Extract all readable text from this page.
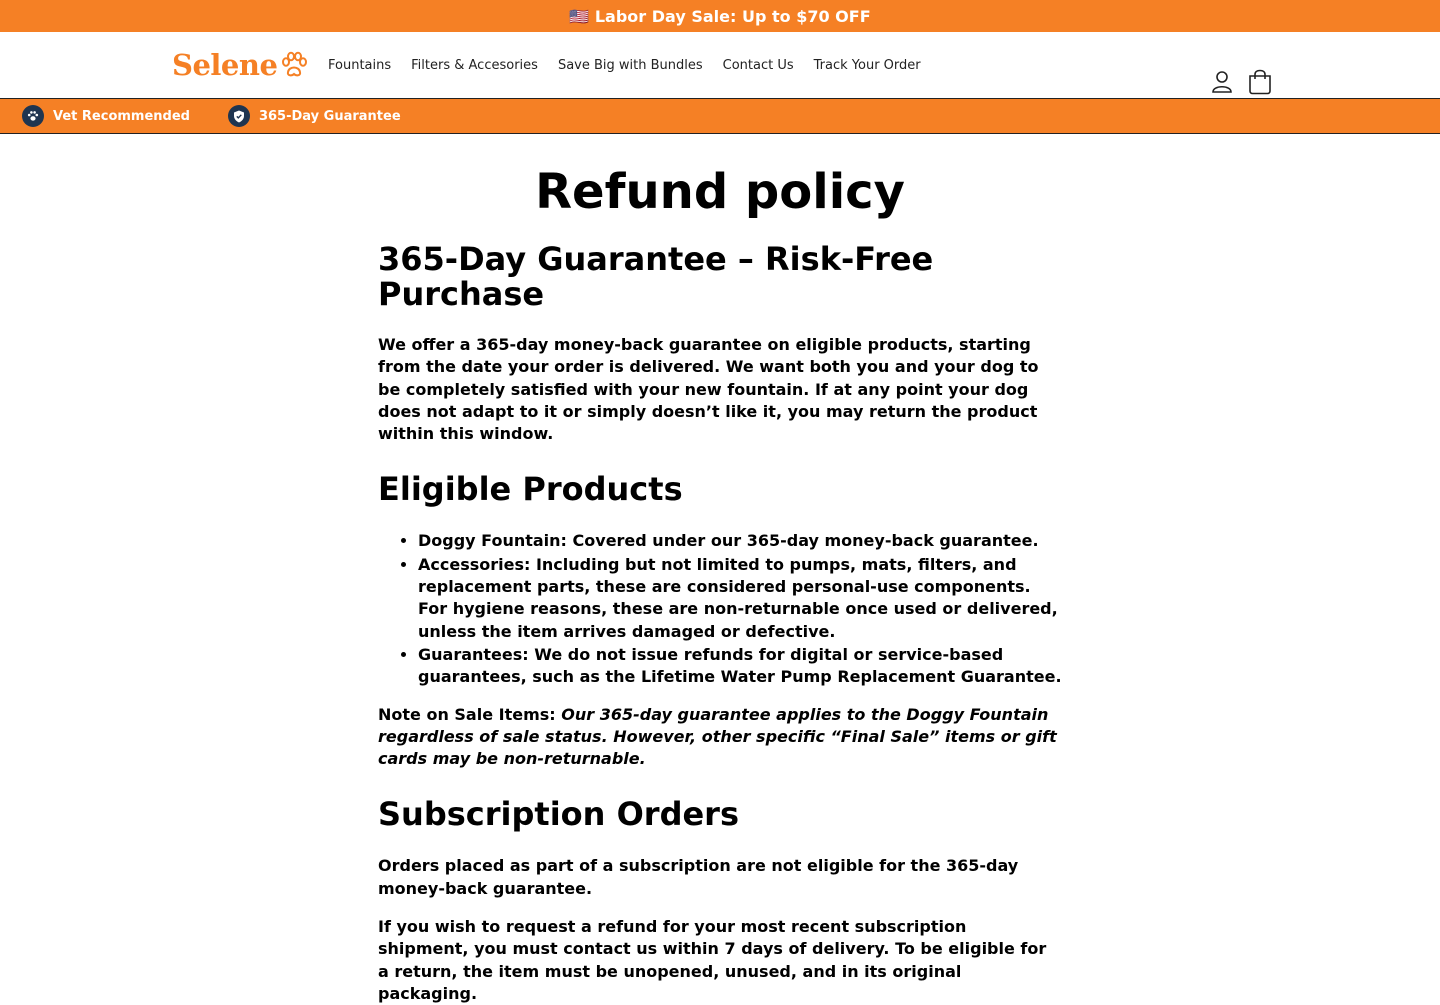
🇺🇸 Labor Day Sale: Up to $70 OFF
Selene	Fountains	Filters & Accesories	Save Big with Bundles	Contact Us	Track Your Order
Vet Recommended	365-Day Guarantee
Refund policy
365-Day Guarantee – Risk-Free Purchase

We offer a 365-day money-back guarantee on eligible products, starting from the date your order is delivered. We want both you and your dog to be completely satisfied with your new fountain. If at any point your dog does not adapt to it or simply doesn’t like it, you may return the product within this window.

Eligible Products
• Doggy Fountain: Covered under our 365-day money-back guarantee.
• Accessories: Including but not limited to pumps, mats, filters, and replacement parts, these are considered personal-use components. For hygiene reasons, these are non-returnable once used or delivered, unless the item arrives damaged or defective.
• Guarantees: We do not issue refunds for digital or service-based guarantees, such as the Lifetime Water Pump Replacement Guarantee.

Note on Sale Items: Our 365-day guarantee applies to the Doggy Fountain regardless of sale status. However, other specific “Final Sale” items or gift cards may be non-returnable.

Subscription Orders

Orders placed as part of a subscription are not eligible for the 365-day money-back guarantee.

If you wish to request a refund for your most recent subscription shipment, you must contact us within 7 days of delivery. To be eligible for a return, the item must be unopened, unused, and in its original packaging.
